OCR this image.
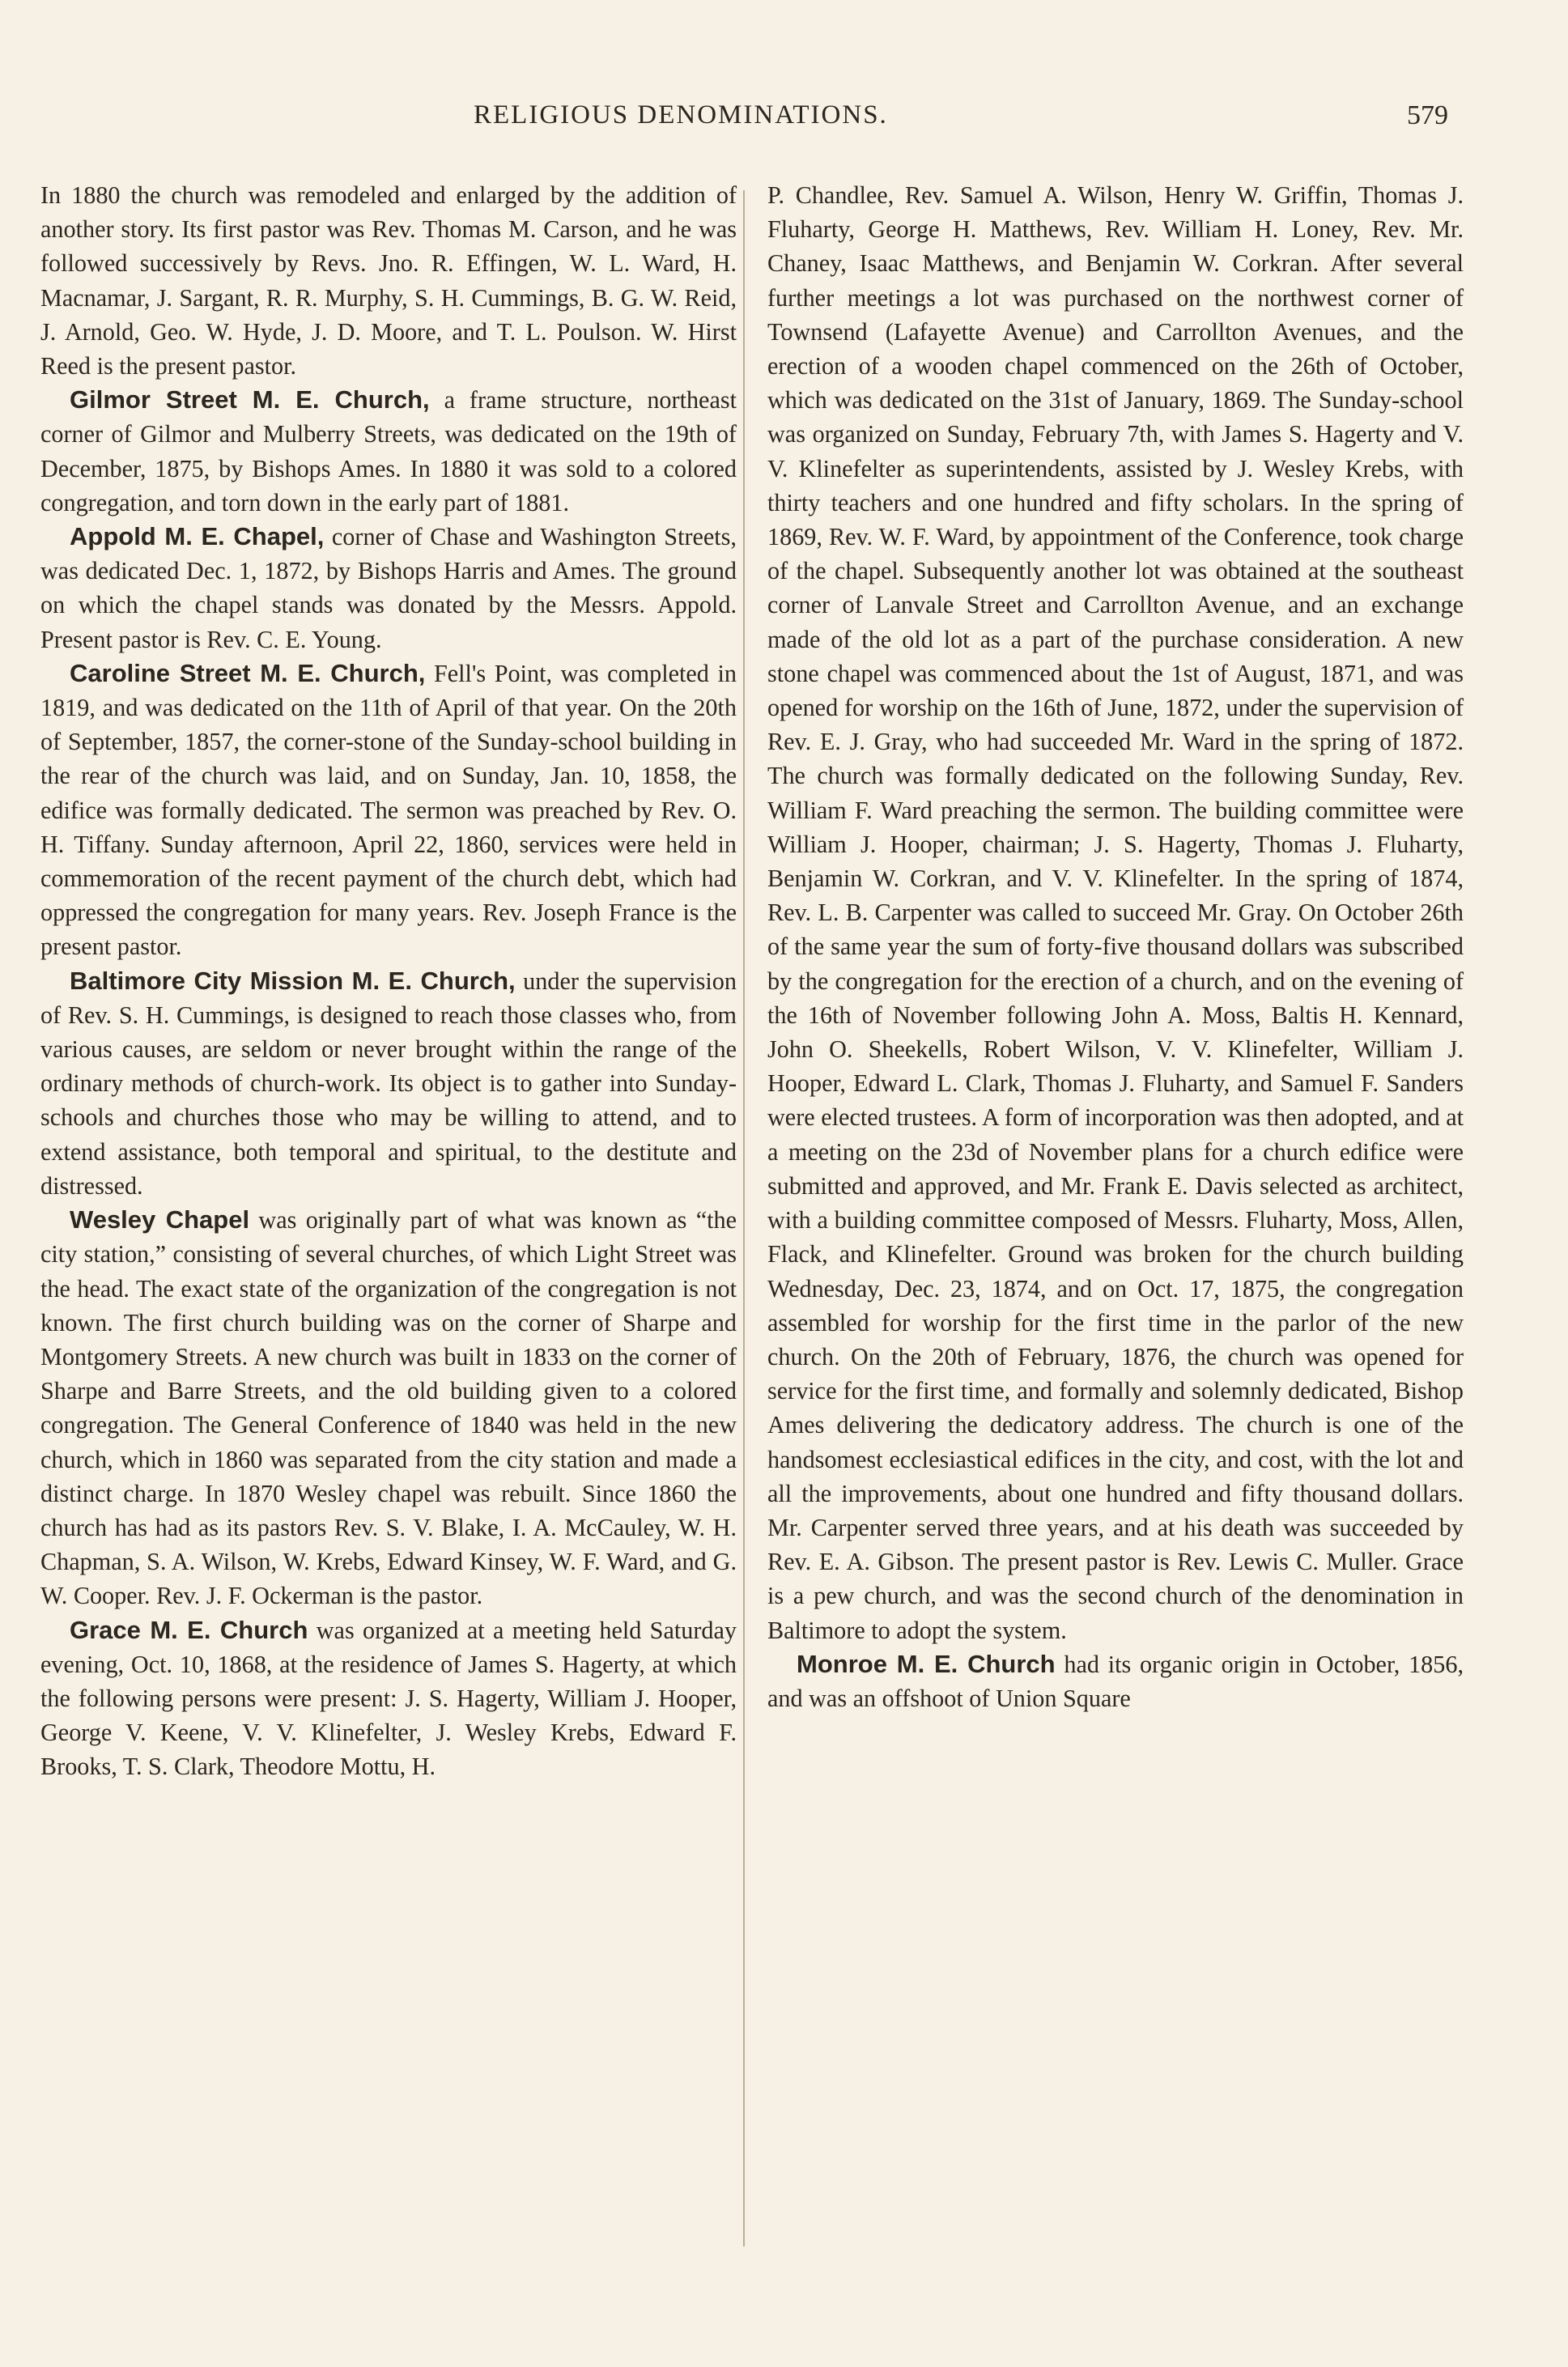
RELIGIOUS DENOMINATIONS.	579

In 1880 the church was remodeled and enlarged by the addition of another story. Its first pastor was Rev. Thomas M. Carson, and he was followed successively by Revs. Jno. R. Effingen, W. L. Ward, H. Macnamar, J. Sargant, R. R. Murphy, S. H. Cummings, B. G. W. Reid, J. Arnold, Geo. W. Hyde, J. D. Moore, and T. L. Poulson. W. Hirst Reed is the present pastor.

Gilmor Street M. E. Church, a frame structure, northeast corner of Gilmor and Mulberry Streets, was dedicated on the 19th of December, 1875, by Bishops Ames. In 1880 it was sold to a colored congregation, and torn down in the early part of 1881.

Appold M. E. Chapel, corner of Chase and Washington Streets, was dedicated Dec. 1, 1872, by Bishops Harris and Ames. The ground on which the chapel stands was donated by the Messrs. Appold. Present pastor is Rev. C. E. Young.

Caroline Street M. E. Church, Fell's Point, was completed in 1819, and was dedicated on the 11th of April of that year. On the 20th of September, 1857, the corner-stone of the Sunday-school building in the rear of the church was laid, and on Sunday, Jan. 10, 1858, the edifice was formally dedicated. The sermon was preached by Rev. O. H. Tiffany. Sunday afternoon, April 22, 1860, services were held in commemoration of the recent payment of the church debt, which had oppressed the congregation for many years. Rev. Joseph France is the present pastor.

Baltimore City Mission M. E. Church, under the supervision of Rev. S. H. Cummings, is designed to reach those classes who, from various causes, are seldom or never brought within the range of the ordinary methods of church-work. Its object is to gather into Sunday-schools and churches those who may be willing to attend, and to extend assistance, both temporal and spiritual, to the destitute and distressed.

Wesley Chapel was originally part of what was known as “the city station,” consisting of several churches, of which Light Street was the head. The exact state of the organization of the congregation is not known. The first church building was on the corner of Sharpe and Montgomery Streets. A new church was built in 1833 on the corner of Sharpe and Barre Streets, and the old building given to a colored congregation. The General Conference of 1840 was held in the new church, which in 1860 was separated from the city station and made a distinct charge. In 1870 Wesley chapel was rebuilt. Since 1860 the church has had as its pastors Rev. S. V. Blake, I. A. McCauley, W. H. Chapman, S. A. Wilson, W. Krebs, Edward Kinsey, W. F. Ward, and G. W. Cooper. Rev. J. F. Ockerman is the pastor.

Grace M. E. Church was organized at a meeting held Saturday evening, Oct. 10, 1868, at the residence of James S. Hagerty, at which the following persons were present: J. S. Hagerty, William J. Hooper, George V. Keene, V. V. Klinefelter, J. Wesley Krebs, Edward F. Brooks, T. S. Clark, Theodore Mottu, H.

P. Chandlee, Rev. Samuel A. Wilson, Henry W. Griffin, Thomas J. Fluharty, George H. Matthews, Rev. William H. Loney, Rev. Mr. Chaney, Isaac Matthews, and Benjamin W. Corkran. After several further meetings a lot was purchased on the northwest corner of Townsend (Lafayette Avenue) and Carrollton Avenues, and the erection of a wooden chapel commenced on the 26th of October, which was dedicated on the 31st of January, 1869. The Sunday-school was organized on Sunday, February 7th, with James S. Hagerty and V. V. Klinefelter as superintendents, assisted by J. Wesley Krebs, with thirty teachers and one hundred and fifty scholars. In the spring of 1869, Rev. W. F. Ward, by appointment of the Conference, took charge of the chapel. Subsequently another lot was obtained at the southeast corner of Lanvale Street and Carrollton Avenue, and an exchange made of the old lot as a part of the purchase consideration. A new stone chapel was commenced about the 1st of August, 1871, and was opened for worship on the 16th of June, 1872, under the supervision of Rev. E. J. Gray, who had succeeded Mr. Ward in the spring of 1872. The church was formally dedicated on the following Sunday, Rev. William F. Ward preaching the sermon. The building committee were William J. Hooper, chairman; J. S. Hagerty, Thomas J. Fluharty, Benjamin W. Corkran, and V. V. Klinefelter. In the spring of 1874, Rev. L. B. Carpenter was called to succeed Mr. Gray. On October 26th of the same year the sum of forty-five thousand dollars was subscribed by the congregation for the erection of a church, and on the evening of the 16th of November following John A. Moss, Baltis H. Kennard, John O. Sheekells, Robert Wilson, V. V. Klinefelter, William J. Hooper, Edward L. Clark, Thomas J. Fluharty, and Samuel F. Sanders were elected trustees. A form of incorporation was then adopted, and at a meeting on the 23d of November plans for a church edifice were submitted and approved, and Mr. Frank E. Davis selected as architect, with a building committee composed of Messrs. Fluharty, Moss, Allen, Flack, and Klinefelter. Ground was broken for the church building Wednesday, Dec. 23, 1874, and on Oct. 17, 1875, the congregation assembled for worship for the first time in the parlor of the new church. On the 20th of February, 1876, the church was opened for service for the first time, and formally and solemnly dedicated, Bishop Ames delivering the dedicatory address. The church is one of the handsomest ecclesiastical edifices in the city, and cost, with the lot and all the improvements, about one hundred and fifty thousand dollars. Mr. Carpenter served three years, and at his death was succeeded by Rev. E. A. Gibson. The present pastor is Rev. Lewis C. Muller. Grace is a pew church, and was the second church of the denomination in Baltimore to adopt the system.

Monroe M. E. Church had its organic origin in October, 1856, and was an offshoot of Union Square
